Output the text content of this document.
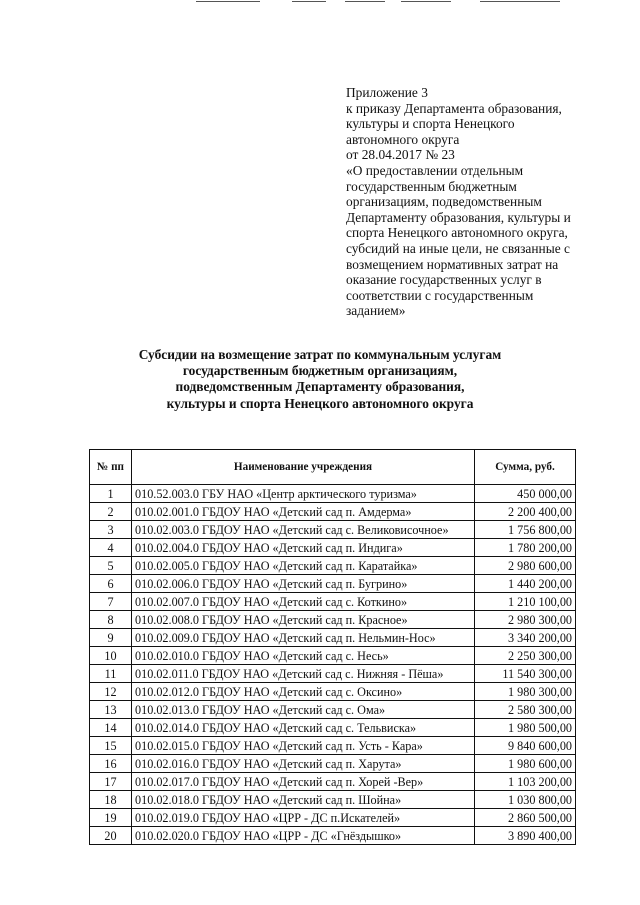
Приложение 3
к приказу Департамента образования,
культуры и спорта Ненецкого
автономного округа
от 28.04.2017 № 23
«О предоставлении отдельным
государственным бюджетным
организациям, подведомственным
Департаменту образования, культуры и
спорта Ненецкого автономного округа,
субсидий на иные цели, не связанные с
возмещением нормативных затрат на
оказание государственных услуг в
соответствии с государственным
заданием»
Субсидии на возмещение затрат по коммунальным услугам
государственным бюджетным организациям,
подведомственным Департаменту образования,
культуры и спорта Ненецкого автономного округа
№ пп	Наименование учреждения	Сумма, руб.
1	010.52.003.0 ГБУ НАО «Центр арктического туризма»	450 000,00
2	010.02.001.0 ГБДОУ НАО «Детский сад п. Амдерма»	2 200 400,00
3	010.02.003.0 ГБДОУ НАО «Детский сад с. Великовисочное»	1 756 800,00
4	010.02.004.0 ГБДОУ НАО «Детский сад п. Индига»	1 780 200,00
5	010.02.005.0 ГБДОУ НАО «Детский сад п. Каратайка»	2 980 600,00
6	010.02.006.0 ГБДОУ НАО «Детский сад п. Бугрино»	1 440 200,00
7	010.02.007.0 ГБДОУ НАО «Детский сад с. Коткино»	1 210 100,00
8	010.02.008.0 ГБДОУ НАО «Детский сад п. Красное»	2 980 300,00
9	010.02.009.0 ГБДОУ НАО «Детский сад п. Нельмин-Нос»	3 340 200,00
10	010.02.010.0 ГБДОУ НАО «Детский сад с. Несь»	2 250 300,00
11	010.02.011.0 ГБДОУ НАО «Детский сад с. Нижняя - Пёша»	11 540 300,00
12	010.02.012.0 ГБДОУ НАО «Детский сад с. Оксино»	1 980 300,00
13	010.02.013.0 ГБДОУ НАО «Детский сад с. Ома»	2 580 300,00
14	010.02.014.0 ГБДОУ НАО «Детский сад с. Тельвиска»	1 980 500,00
15	010.02.015.0 ГБДОУ НАО «Детский сад п. Усть - Кара»	9 840 600,00
16	010.02.016.0 ГБДОУ НАО «Детский сад п. Харута»	1 980 600,00
17	010.02.017.0 ГБДОУ НАО «Детский сад п. Хорей -Вер»	1 103 200,00
18	010.02.018.0 ГБДОУ НАО «Детский сад п. Шойна»	1 030 800,00
19	010.02.019.0 ГБДОУ НАО «ЦРР - ДС п.Искателей»	2 860 500,00
20	010.02.020.0 ГБДОУ НАО «ЦРР - ДС «Гнёздышко»	3 890 400,00
